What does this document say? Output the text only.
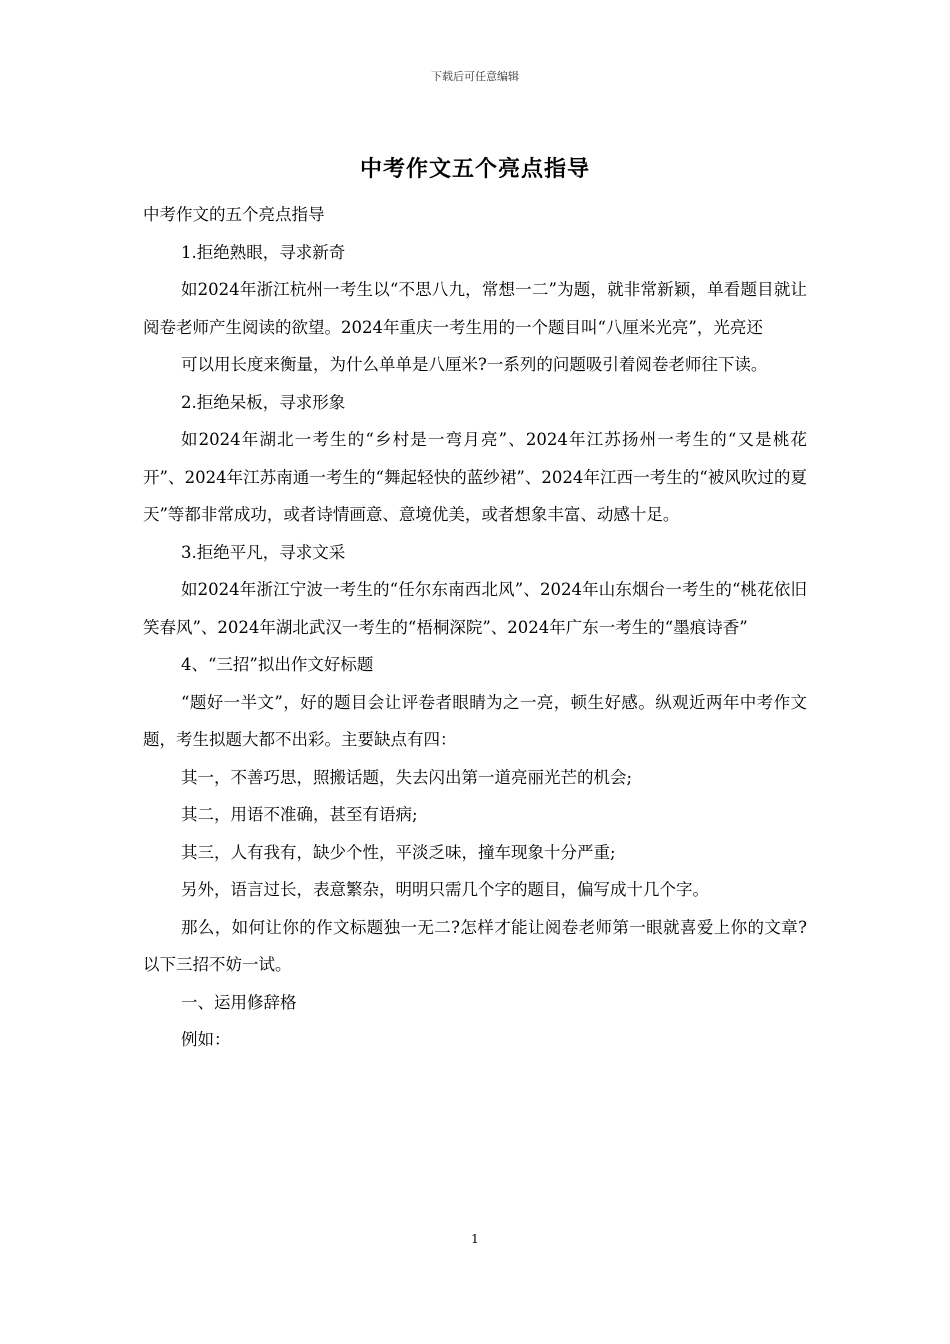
下载后可任意编辑
中考作文五个亮点指导

中考作文的五个亮点指导

1.拒绝熟眼，寻求新奇

如2024年浙江杭州一考生以“不思八九，常想一二”为题，就非常新颖，单看题目就让阅卷老师产生阅读的欲望。2024年重庆一考生用的一个题目叫“八厘米光亮”，光亮还

可以用长度来衡量，为什么单单是八厘米?一系列的问题吸引着阅卷老师往下读。

2.拒绝呆板，寻求形象

如2024年湖北一考生的“乡村是一弯月亮”、2024年江苏扬州一考生的“又是桃花开”、2024年江苏南通一考生的“舞起轻快的蓝纱裙”、2024年江西一考生的“被风吹过的夏天”等都非常成功，或者诗情画意、意境优美，或者想象丰富、动感十足。

3.拒绝平凡，寻求文采

如2024年浙江宁波一考生的“任尔东南西北风”、2024年山东烟台一考生的“桃花依旧笑春风”、2024年湖北武汉一考生的“梧桐深院”、2024年广东一考生的“墨痕诗香”

4、“三招”拟出作文好标题

“题好一半文”，好的题目会让评卷者眼睛为之一亮，顿生好感。纵观近两年中考作文题，考生拟题大都不出彩。主要缺点有四：

其一，不善巧思，照搬话题，失去闪出第一道亮丽光芒的机会;

其二，用语不准确，甚至有语病;

其三，人有我有，缺少个性，平淡乏味，撞车现象十分严重;

另外，语言过长，表意繁杂，明明只需几个字的题目，偏写成十几个字。

那么，如何让你的作文标题独一无二?怎样才能让阅卷老师第一眼就喜爱上你的文章?以下三招不妨一试。

一、运用修辞格

例如：

1
